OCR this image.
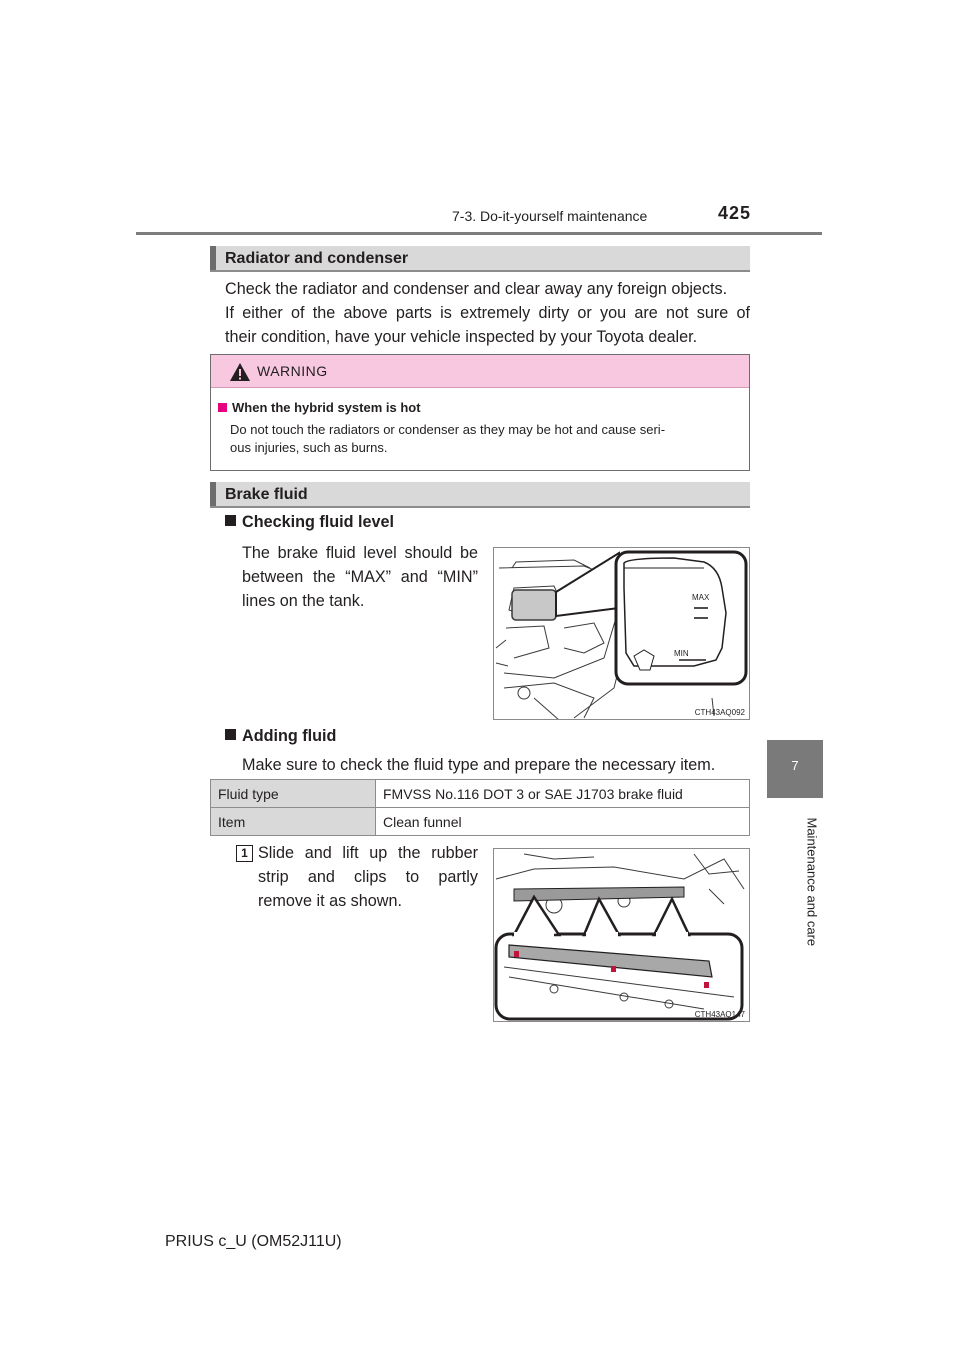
7-3. Do-it-yourself maintenance	425
7
Maintenance and care
Radiator and condenser
Check the radiator and condenser and clear away any foreign objects.
If either of the above parts is extremely dirty or you are not sure of
their condition, have your vehicle inspected by your Toyota dealer.
WARNING
When the hybrid system is hot
Do not touch the radiators or condenser as they may be hot and cause seri-
ous injuries, such as burns.
Brake fluid
Checking fluid level
The brake fluid level should be
between the “MAX” and “MIN”
lines on the tank.	MAX
MIN
CTH43AQ092
Adding fluid
Make sure to check the fluid type and prepare the necessary item.
Fluid type	FMVSS No.116 DOT 3 or SAE J1703 brake fluid
Item	Clean funnel
1 Slide and lift up the rubber
strip and clips to partly
remove it as shown.
CTH43AQ147
PRIUS c_U (OM52J11U)
